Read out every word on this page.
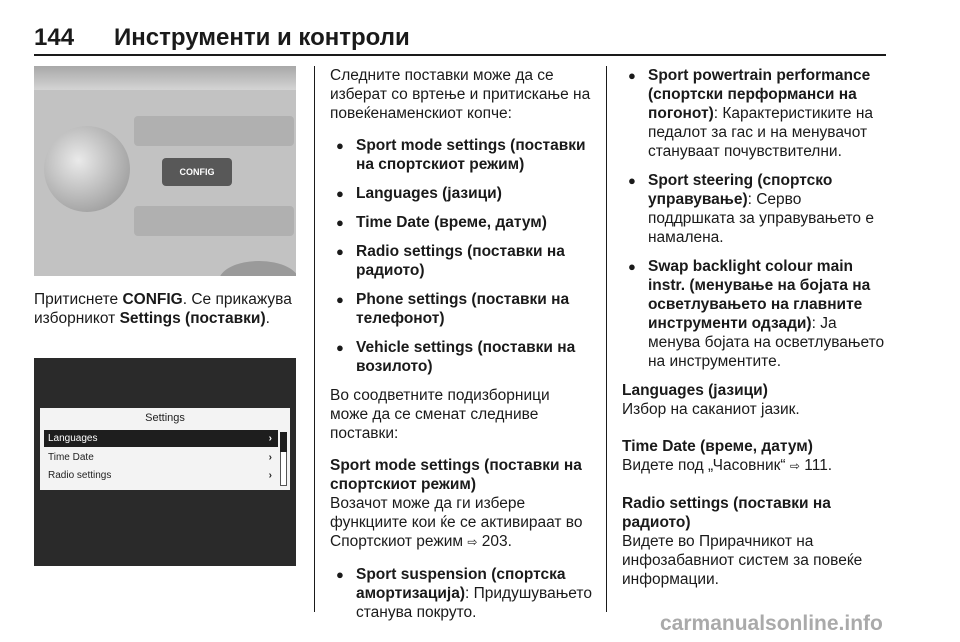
144 Инструменти и контроли
CONFIG

Притиснете CONFIG. Се прикажува изборникот Settings (поставки).

Settings
Languages	›
Time Date	›
Radio settings	›

Следните поставки може да се изберат со вртење и притискање на повеќенаменскиот копче:

● Sport mode settings (поставки на спортскиот режим)
● Languages (јазици)
● Time Date (време, датум)
● Radio settings (поставки на радиото)
● Phone settings (поставки на телефонот)
● Vehicle settings (поставки на возилото)

Во соодветните подизборници може да се сменат следниве поставки:

Sport mode settings (поставки на спортскиот режим)

Возачот може да ги избере функциите кои ќе се активираат во Спортскиот режим ⇨ 203.

● Sport suspension (спортска амортизација): Придушувањето станува покруто.
● Sport powertrain performance (спортски перформанси на погонот): Карактеристиките на педалот за гас и на менувачот стануваат почувствителни.
● Sport steering (спортско управување): Серво поддршката за управувањето е намалена.
● Swap backlight colour main instr. (менување на бојата на осветлувањето на главните инструменти одзади): Ја менува бојата на осветлувањето на инструментите.

Languages (јазици)

Избор на саканиот јазик.

Time Date (време, датум)

Видете под „Часовник“ ⇨ 111.

Radio settings (поставки на радиото)

Видете во Прирачникот на инфозабавниот систем за повеќе информации.

carmanualsonline.info
